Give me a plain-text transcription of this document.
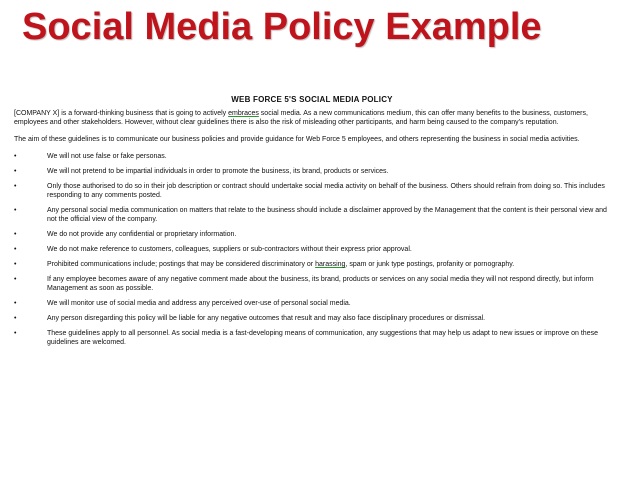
Social Media Policy Example
WEB FORCE 5'S SOCIAL MEDIA POLICY

[COMPANY X] is a forward-thinking business that is going to actively embraces social media. As a new communications medium, this can offer many benefits to the business, customers, employees and other stakeholders. However, without clear guidelines there is also the risk of misleading other participants, and harm being caused to the company's reputation.

The aim of these guidelines is to communicate our business policies and provide guidance for Web Force 5 employees, and others representing the business in social media activities.

•	We will not use false or fake personas.
•	We will not pretend to be impartial individuals in order to promote the business, its brand, products or services.
•	Only those authorised to do so in their job description or contract should undertake social media activity on behalf of the business. Others should refrain from doing so. This includes responding to any comments posted.
•	Any personal social media communication on matters that relate to the business should include a disclaimer approved by the Management that the content is their personal view and not the official view of the company.
•	We do not provide any confidential or proprietary information.
•	We do not make reference to customers, colleagues, suppliers or sub-contractors without their express prior approval.
•	Prohibited communications include; postings that may be considered discriminatory or harassing, spam or junk type postings, profanity or pornography.
•	If any employee becomes aware of any negative comment made about the business, its brand, products or services on any social media they will not respond directly, but inform Management as soon as possible.
•	We will monitor use of social media and address any perceived over-use of personal social media.
•	Any person disregarding this policy will be liable for any negative outcomes that result and may also face disciplinary procedures or dismissal.
•	These guidelines apply to all personnel. As social media is a fast-developing means of communication, any suggestions that may help us adapt to new issues or improve on these guidelines are welcomed.
